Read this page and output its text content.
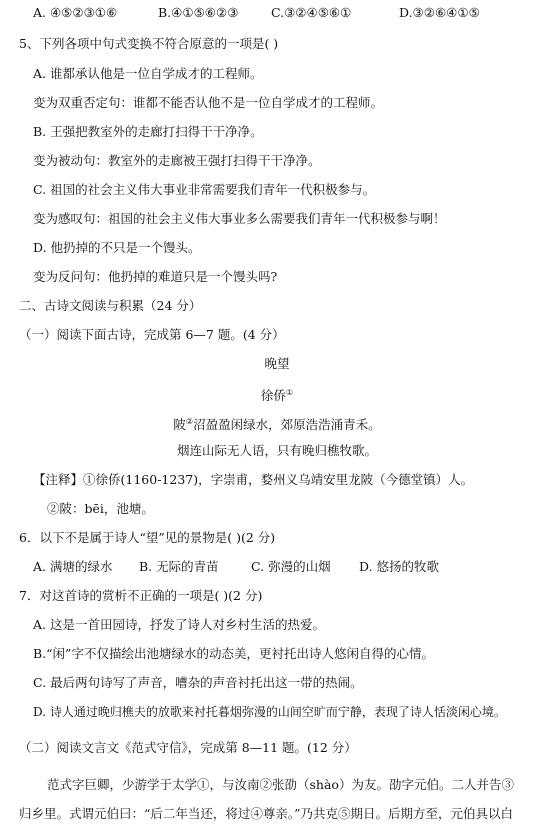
A. ④⑤②③①⑥	B.④①⑤⑥②③	C.③②④⑤⑥①	D.③②⑥④①⑤
5、下列各项中句式变换不符合原意的一项是( )
A. 谁都承认他是一位自学成才的工程师。
变为双重否定句：谁都不能否认他不是一位自学成才的工程师。
B. 王强把教室外的走廊打扫得干干净净。
变为被动句：教室外的走廊被王强打扫得干干净净。
C. 祖国的社会主义伟大事业非常需要我们青年一代积极参与。
变为感叹句：祖国的社会主义伟大事业多么需要我们青年一代积极参与啊！
D. 他扔掉的不只是一个馒头。
变为反问句：他扔掉的难道只是一个馒头吗?
二、古诗文阅读与积累（24 分）
（一）阅读下面古诗，完成第 6—7 题。(4 分）
晚望
徐侨①
陂②沼盈盈闲绿水，郊原浩浩涌青禾。
烟连山际无人语，只有晚归樵牧歌。
【注释】①徐侨(1160-1237)，字崇甫，婺州义乌靖安里龙陂（今德堂镇）人。
②陂：bēi，池塘。
6．以下不是属于诗人“望”见的景物是( )(2 分)
A. 满塘的绿水 B. 无际的青苗	C. 弥漫的山烟 D. 悠扬的牧歌
7．对这首诗的赏析不正确的一项是( )(2 分)
A. 这是一首田园诗，抒发了诗人对乡村生活的热爱。
B.“闲”字不仅描绘出池塘绿水的动态美，更衬托出诗人悠闲自得的心情。
C. 最后两句诗写了声音，嘈杂的声音衬托出这一带的热闹。
D. 诗人通过晚归樵夫的放歌来衬托暮烟弥漫的山间空旷而宁静，表现了诗人恬淡闲心境。
（二）阅读文言文《范式守信》，完成第 8—11 题。(12 分）
范式字巨卿，少游学于太学①，与汝南②张劭（shào）为友。劭字元伯。二人并告③
归乡里。式谓元伯曰：“后二年当还，将过④尊亲。”乃共克⑤期日。后期方至，元伯具以白
